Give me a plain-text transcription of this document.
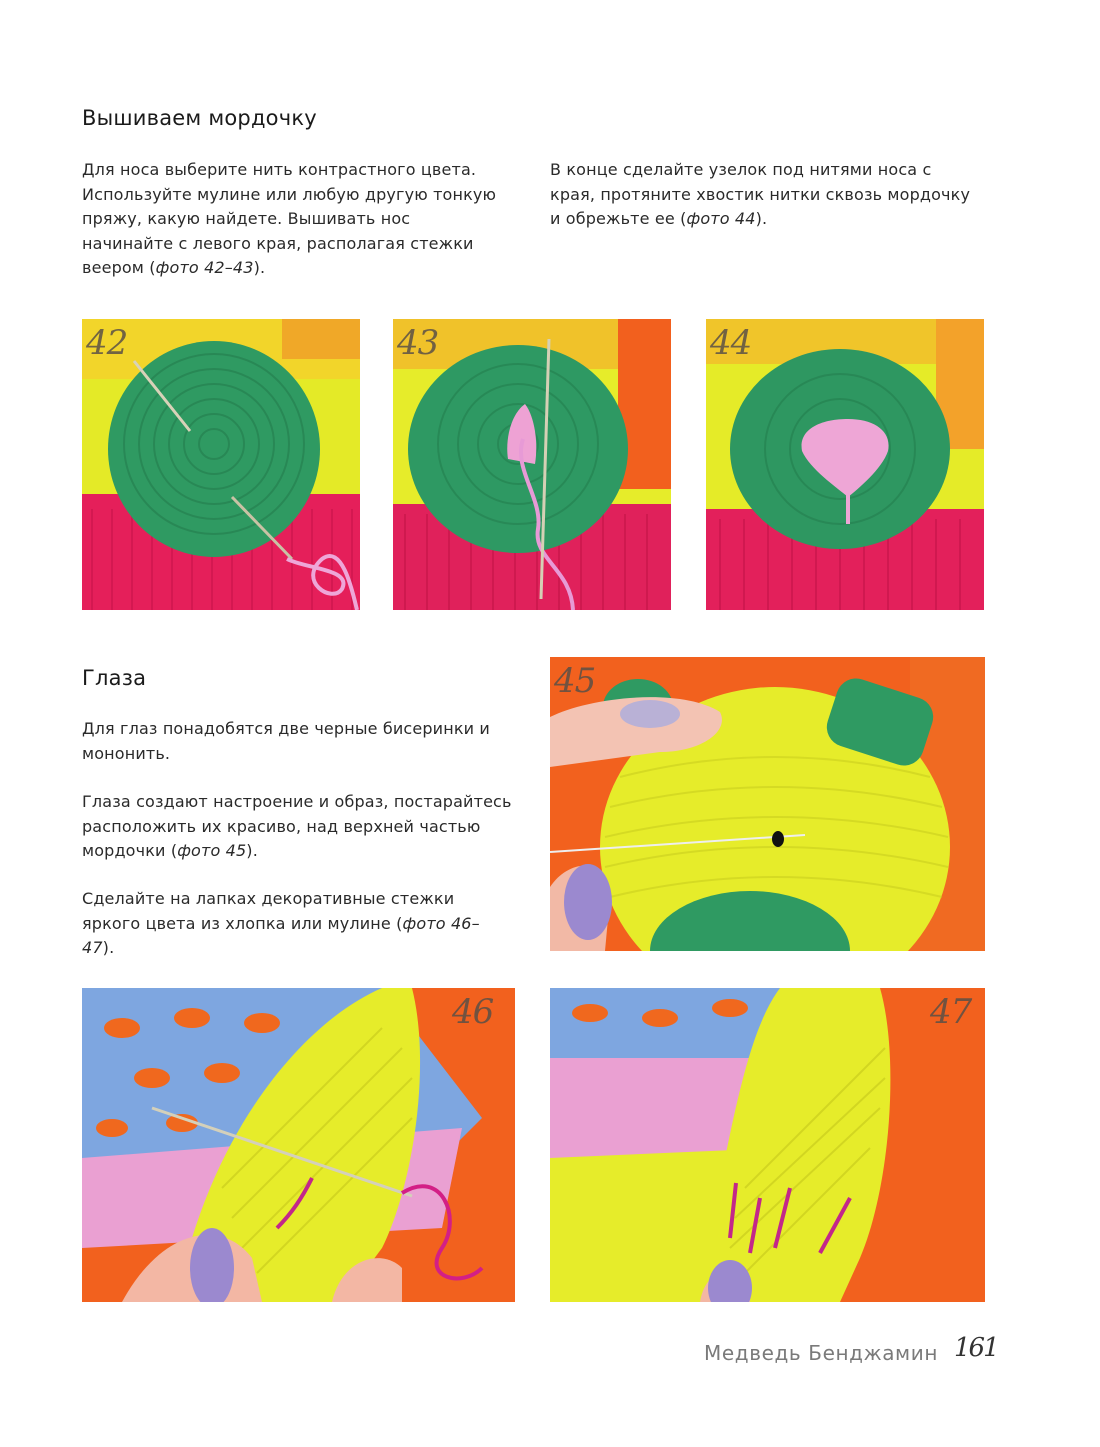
Вышиваем мордочку

Для носа выберите нить контрастного цвета. Используйте мулине или любую другую тонкую пряжу, какую найдете. Вышивать нос начинайте с левого края, располагая стежки веером (фото 42–43).

В конце сделайте узелок под нитями носа с края, протяните хвостик нитки сквозь мордочку и обрежьте ее (фото 44).

42	43	44
Глаза

Для глаз понадобятся две черные бисеринки и мононить.

Глаза создают настроение и образ, постарайтесь расположить их красиво, над верхней частью мордочки (фото 45).

Сделайте на лапках декоративные стежки яркого цвета из хлопка или мулине (фото 46–47).

45
46	47
Медведь Бенджамин 161
